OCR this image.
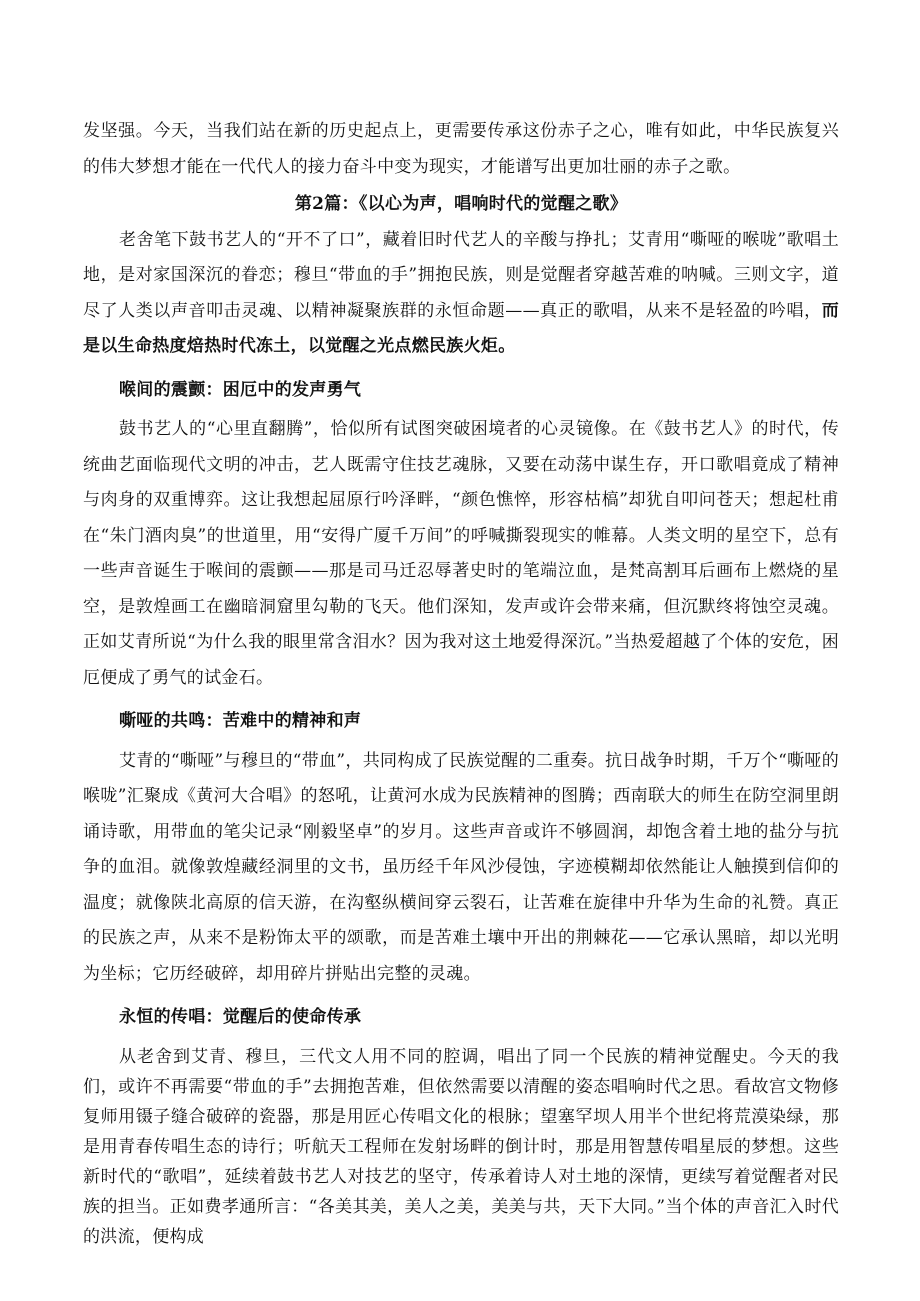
发坚强。今天，当我们站在新的历史起点上，更需要传承这份赤子之心，唯有如此，中华民族复兴的伟大梦想才能在一代代人的接力奋斗中变为现实，才能谱写出更加壮丽的赤子之歌。

第2篇：《以心为声，唱响时代的觉醒之歌》

老舍笔下鼓书艺人的“开不了口”，藏着旧时代艺人的辛酸与挣扎；艾青用“嘶哑的喉咙”歌唱土地，是对家国深沉的眷恋；穆旦“带血的手”拥抱民族，则是觉醒者穿越苦难的呐喊。三则文字，道尽了人类以声音叩击灵魂、以精神凝聚族群的永恒命题——真正的歌唱，从来不是轻盈的吟唱，而是以生命热度焙热时代冻土，以觉醒之光点燃民族火炬。

喉间的震颤：困厄中的发声勇气

鼓书艺人的“心里直翻腾”，恰似所有试图突破困境者的心灵镜像。在《鼓书艺人》的时代，传统曲艺面临现代文明的冲击，艺人既需守住技艺魂脉，又要在动荡中谋生存，开口歌唱竟成了精神与肉身的双重博弈。这让我想起屈原行吟泽畔，“颜色憔悴，形容枯槁”却犹自叩问苍天；想起杜甫在“朱门酒肉臭”的世道里，用“安得广厦千万间”的呼喊撕裂现实的帷幕。人类文明的星空下，总有一些声音诞生于喉间的震颤——那是司马迁忍辱著史时的笔端泣血，是梵高割耳后画布上燃烧的星空，是敦煌画工在幽暗洞窟里勾勒的飞天。他们深知，发声或许会带来痛，但沉默终将蚀空灵魂。正如艾青所说“为什么我的眼里常含泪水？因为我对这土地爱得深沉。”当热爱超越了个体的安危，困厄便成了勇气的试金石。

嘶哑的共鸣：苦难中的精神和声

艾青的“嘶哑”与穆旦的“带血”，共同构成了民族觉醒的二重奏。抗日战争时期，千万个“嘶哑的喉咙”汇聚成《黄河大合唱》的怒吼，让黄河水成为民族精神的图腾；西南联大的师生在防空洞里朗诵诗歌，用带血的笔尖记录“刚毅坚卓”的岁月。这些声音或许不够圆润，却饱含着土地的盐分与抗争的血泪。就像敦煌藏经洞里的文书，虽历经千年风沙侵蚀，字迹模糊却依然能让人触摸到信仰的温度；就像陕北高原的信天游，在沟壑纵横间穿云裂石，让苦难在旋律中升华为生命的礼赞。真正的民族之声，从来不是粉饰太平的颂歌，而是苦难土壤中开出的荆棘花——它承认黑暗，却以光明为坐标；它历经破碎，却用碎片拼贴出完整的灵魂。

永恒的传唱：觉醒后的使命传承

从老舍到艾青、穆旦，三代文人用不同的腔调，唱出了同一个民族的精神觉醒史。今天的我们，或许不再需要“带血的手”去拥抱苦难，但依然需要以清醒的姿态唱响时代之思。看故宫文物修复师用镊子缝合破碎的瓷器，那是用匠心传唱文化的根脉；望塞罕坝人用半个世纪将荒漠染绿，那是用青春传唱生态的诗行；听航天工程师在发射场畔的倒计时，那是用智慧传唱星辰的梦想。这些新时代的“歌唱”，延续着鼓书艺人对技艺的坚守，传承着诗人对土地的深情，更续写着觉醒者对民族的担当。正如费孝通所言：“各美其美，美人之美，美美与共，天下大同。”当个体的声音汇入时代的洪流，便构成
